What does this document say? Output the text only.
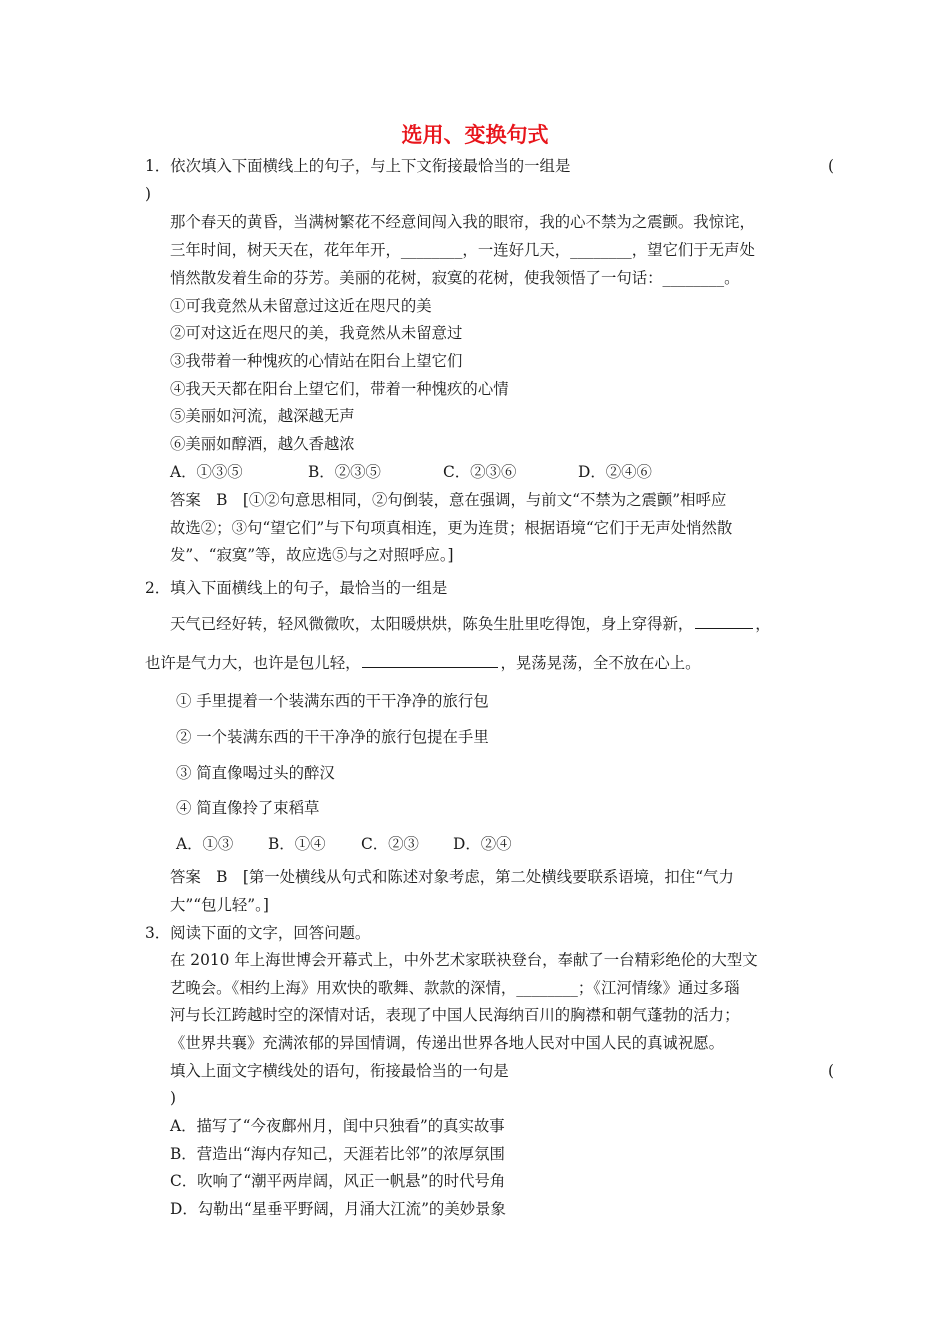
选用、变换句式
1．依次填入下面横线上的句子，与上下文衔接最恰当的一组是	(
)
那个春天的黄昏，当满树繁花不经意间闯入我的眼帘，我的心不禁为之震颤。我惊诧，
三年时间，树天天在，花年年开，________，一连好几天，________，望它们于无声处
悄然散发着生命的芬芳。美丽的花树，寂寞的花树，使我领悟了一句话：________。
①可我竟然从未留意过这近在咫尺的美
②可对这近在咫尺的美，我竟然从未留意过
③我带着一种愧疚的心情站在阳台上望它们
④我天天都在阳台上望它们，带着一种愧疚的心情
⑤美丽如河流，越深越无声
⑥美丽如醇酒，越久香越浓
A．①③⑤	B．②③⑤	C．②③⑥	D．②④⑥
答案　B　[①②句意思相同，②句倒装，意在强调，与前文“不禁为之震颤”相呼应
故选②；③句“望它们”与下句项真相连，更为连贯；根据语境“它们于无声处悄然散
发”、“寂寞”等，故应选⑤与之对照呼应。]
2．填入下面横线上的句子，最恰当的一组是
天气已经好转，轻风微微吹，太阳暖烘烘，陈奂生肚里吃得饱，身上穿得新，	，
也许是气力大，也许是包儿轻，	，晃荡晃荡，全不放在心上。
① 手里提着一个装满东西的干干净净的旅行包
② 一个装满东西的干干净净的旅行包提在手里
③ 简直像喝过头的醉汉
④ 简直像拎了束稻草
A．①③ B．①④ C．②③ D．②④
答案　B　[第一处横线从句式和陈述对象考虑，第二处横线要联系语境，扣住“气力
大”“包儿轻”。]
3．阅读下面的文字，回答问题。
在 2010 年上海世博会开幕式上，中外艺术家联袂登台，奉献了一台精彩绝伦的大型文
艺晚会。《相约上海》用欢快的歌舞、款款的深情，________；《江河情缘》通过多瑙
河与长江跨越时空的深情对话，表现了中国人民海纳百川的胸襟和朝气蓬勃的活力；
《世界共襄》充满浓郁的异国情调，传递出世界各地人民对中国人民的真诚祝愿。
填入上面文字横线处的语句，衔接最恰当的一句是	(
)
A．描写了“今夜鄜州月，闺中只独看”的真实故事
B．营造出“海内存知己，天涯若比邻”的浓厚氛围
C．吹响了“潮平两岸阔，风正一帆悬”的时代号角
D．勾勒出“星垂平野阔，月涌大江流”的美妙景象
